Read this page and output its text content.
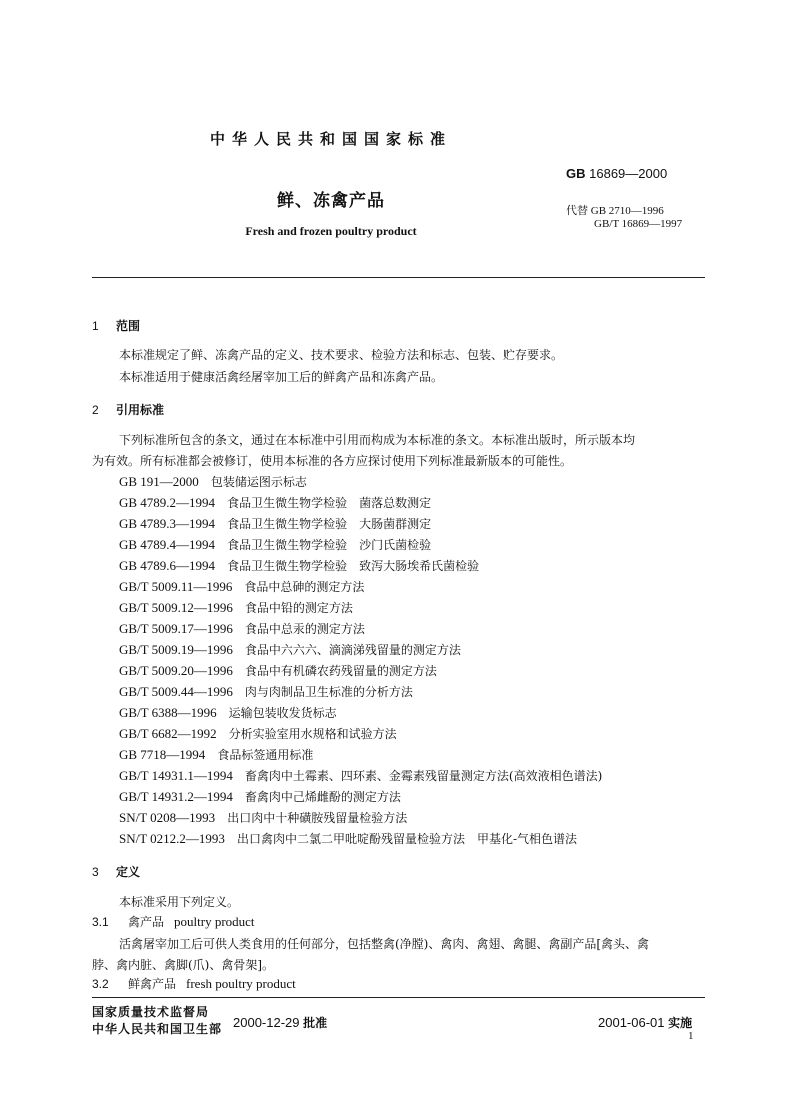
中华人民共和国国家标准
GB 16869—2000
鲜、冻禽产品	代替 GB 2710—1996
GB/T 16869—1997
Fresh and frozen poultry product
1 范围
本标准规定了鲜、冻禽产品的定义、技术要求、检验方法和标志、包装、贮存要求。
本标准适用于健康活禽经屠宰加工后的鲜禽产品和冻禽产品。
2 引用标准
下列标准所包含的条文，通过在本标准中引用而构成为本标准的条文。本标准出版时，所示版本均
为有效。所有标准都会被修订，使用本标准的各方应探讨使用下列标准最新版本的可能性。
GB 191—2000 包装储运图示标志
GB 4789.2—1994 食品卫生微生物学检验　菌落总数测定
GB 4789.3—1994 食品卫生微生物学检验　大肠菌群测定
GB 4789.4—1994 食品卫生微生物学检验　沙门氏菌检验
GB 4789.6—1994 食品卫生微生物学检验　致泻大肠埃希氏菌检验
GB/T 5009.11—1996 食品中总砷的测定方法
GB/T 5009.12—1996 食品中铅的测定方法
GB/T 5009.17—1996 食品中总汞的测定方法
GB/T 5009.19—1996 食品中六六六、滴滴涕残留量的测定方法
GB/T 5009.20—1996 食品中有机磷农药残留量的测定方法
GB/T 5009.44—1996 肉与肉制品卫生标准的分析方法
GB/T 6388—1996 运输包装收发货标志
GB/T 6682—1992 分析实验室用水规格和试验方法
GB 7718—1994 食品标签通用标准
GB/T 14931.1—1994 畜禽肉中土霉素、四环素、金霉素残留量测定方法(高效液相色谱法)
GB/T 14931.2—1994 畜禽肉中己烯雌酚的测定方法
SN/T 0208—1993 出口肉中十种磺胺残留量检验方法
SN/T 0212.2—1993 出口禽肉中二氯二甲吡啶酚残留量检验方法　甲基化-气相色谱法
3 定义
本标准采用下列定义。
3.1 禽产品 poultry product
活禽屠宰加工后可供人类食用的任何部分，包括整禽(净膛)、禽肉、禽翅、禽腿、禽副产品[禽头、禽
脖、禽内脏、禽脚(爪)、禽骨架]。
3.2 鲜禽产品 fresh poultry product
国家质量技术监督局
中华人民共和国卫生部 2000-12-29 批准	2001-06-01 实施
1
